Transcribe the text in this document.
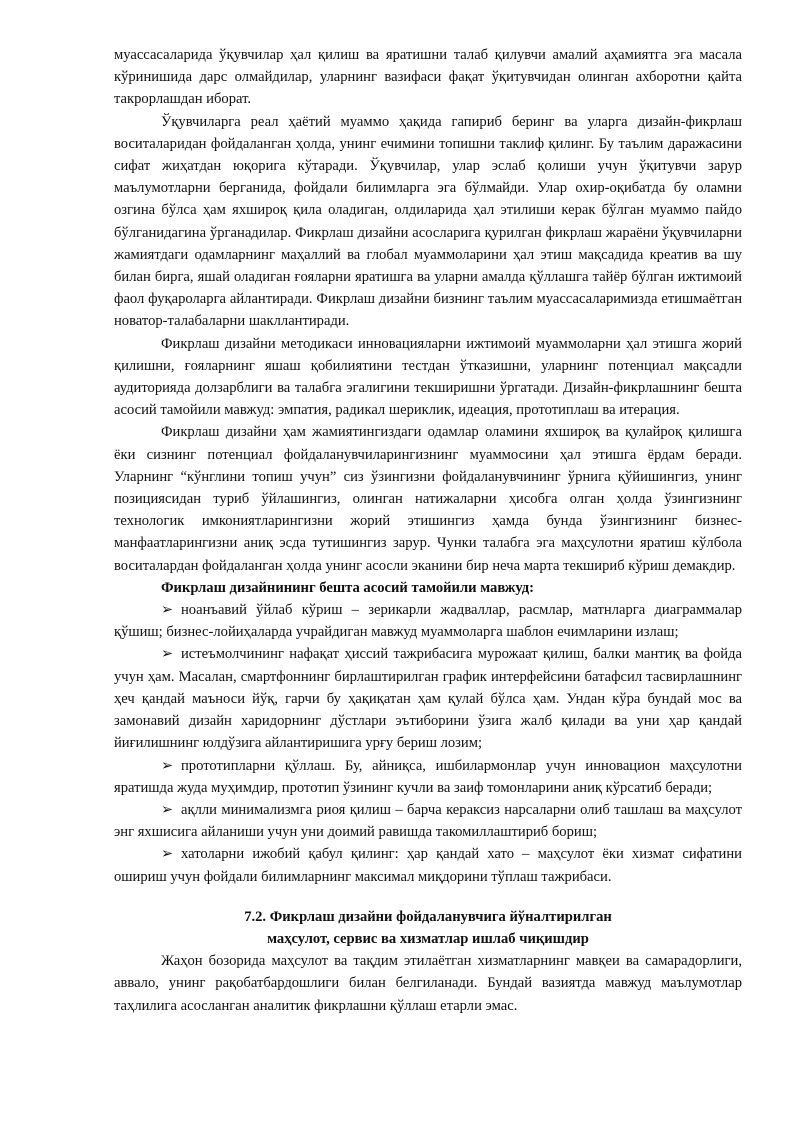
муассасаларида ўқувчилар ҳал қилиш ва яратишни талаб қилувчи амалий аҳамиятга эга масала кўринишида дарс олмайдилар, уларнинг вазифаси фақат ўқитувчидан олинган ахборотни қайта такрорлашдан иборат.

Ўқувчиларга реал ҳаётий муаммо ҳақида гапириб беринг ва уларга дизайн-фикрлаш воситаларидан фойдаланган ҳолда, унинг ечимини топишни таклиф қилинг. Бу таълим даражасини сифат жиҳатдан юқорига кўтаради. Ўқувчилар, улар эслаб қолиши учун ўқитувчи зарур маълумотларни берганида, фойдали билимларга эга бўлмайди. Улар охир-оқибатда бу оламни озгина бўлса ҳам яхшироқ қила оладиган, олдиларида ҳал этилиши керак бўлган муаммо пайдо бўлганидагина ўрганадилар. Фикрлаш дизайни асосларига қурилган фикрлаш жараёни ўқувчиларни жамиятдаги одамларнинг маҳаллий ва глобал муаммоларини ҳал этиш мақсадида креатив ва шу билан бирга, яшай оладиган ғояларни яратишга ва уларни амалда қўллашга тайёр бўлган ижтимоий фаол фуқароларга айлантиради. Фикрлаш дизайни бизнинг таълим муассасаларимизда етишмаётган новатор-талабаларни шакллантиради.

Фикрлаш дизайни методикаси инновацияларни ижтимоий муаммоларни ҳал этишга жорий қилишни, ғояларнинг яшаш қобилиятини тестдан ўтказишни, уларнинг потенциал мақсадли аудиторияда долзарблиги ва талабга эгалигини текширишни ўргатади. Дизайн-фикрлашнинг бешта асосий тамойили мавжуд: эмпатия, радикал шериклик, идеация, прототиплаш ва итерация.

Фикрлаш дизайни ҳам жамиятингиздаги одамлар оламини яхшироқ ва қулайроқ қилишга ёки сизнинг потенциал фойдаланувчиларингизнинг муаммосини ҳал этишга ёрдам беради. Уларнинг “кўнглини топиш учун” сиз ўзингизни фойдаланувчининг ўрнига қўйишингиз, унинг позициясидан туриб ўйлашингиз, олинган натижаларни ҳисобга олган ҳолда ўзингизнинг технологик имкониятларингизни жорий этишингиз ҳамда бунда ўзингизнинг бизнес-манфаатларингизни аниқ эсда тутишингиз зарур. Чунки талабга эга маҳсулотни яратиш кўлбола воситалардан фойдаланган ҳолда унинг асосли эканини бир неча марта текшириб кўриш демакдир.

Фикрлаш дизайнининг бешта асосий тамойили мавжуд:

➢ ноанъавий ўйлаб кўриш – зерикарли жадваллар, расмлар, матнларга диаграммалар қўшиш; бизнес-лойиҳаларда учрайдиган мавжуд муаммоларга шаблон ечимларини излаш;

➢ истеъмолчининг нафақат ҳиссий тажрибасига мурожаат қилиш, балки мантиқ ва фойда учун ҳам. Масалан, смартфоннинг бирлаштирилган график интерфейсини батафсил тасвирлашнинг ҳеч қандай маъноси йўқ, гарчи бу ҳақиқатан ҳам қулай бўлса ҳам. Ундан кўра бундай мос ва замонавий дизайн харидорнинг дўстлари эътиборини ўзига жалб қилади ва уни ҳар қандай йиғилишнинг юлдўзига айлантиришига урғу бериш лозим;

➢ прототипларни қўллаш. Бу, айниқса, ишбилармонлар учун инновацион маҳсулотни яратишда жуда муҳимдир, прототип ўзининг кучли ва заиф томонларини аниқ кўрсатиб беради;

➢ ақлли минимализмга риоя қилиш – барча кераксиз нарсаларни олиб ташлаш ва маҳсулот энг яхшисига айланиши учун уни доимий равишда такомиллаштириб бориш;

➢ хатоларни ижобий қабул қилинг: ҳар қандай хато – маҳсулот ёки хизмат сифатини ошириш учун фойдали билимларнинг максимал миқдорини тўплаш тажрибаси.

7.2. Фикрлаш дизайни фойдаланувчига йўналтирилган
маҳсулот, сервис ва хизматлар ишлаб чиқишдир

Жаҳон бозорида маҳсулот ва тақдим этилаётган хизматларнинг мавқеи ва самарадорлиги, аввало, унинг рақобатбардошлиги билан белгиланади. Бундай вазиятда мавжуд маълумотлар таҳлилига асосланган аналитик фикрлашни қўллаш етарли эмас.
